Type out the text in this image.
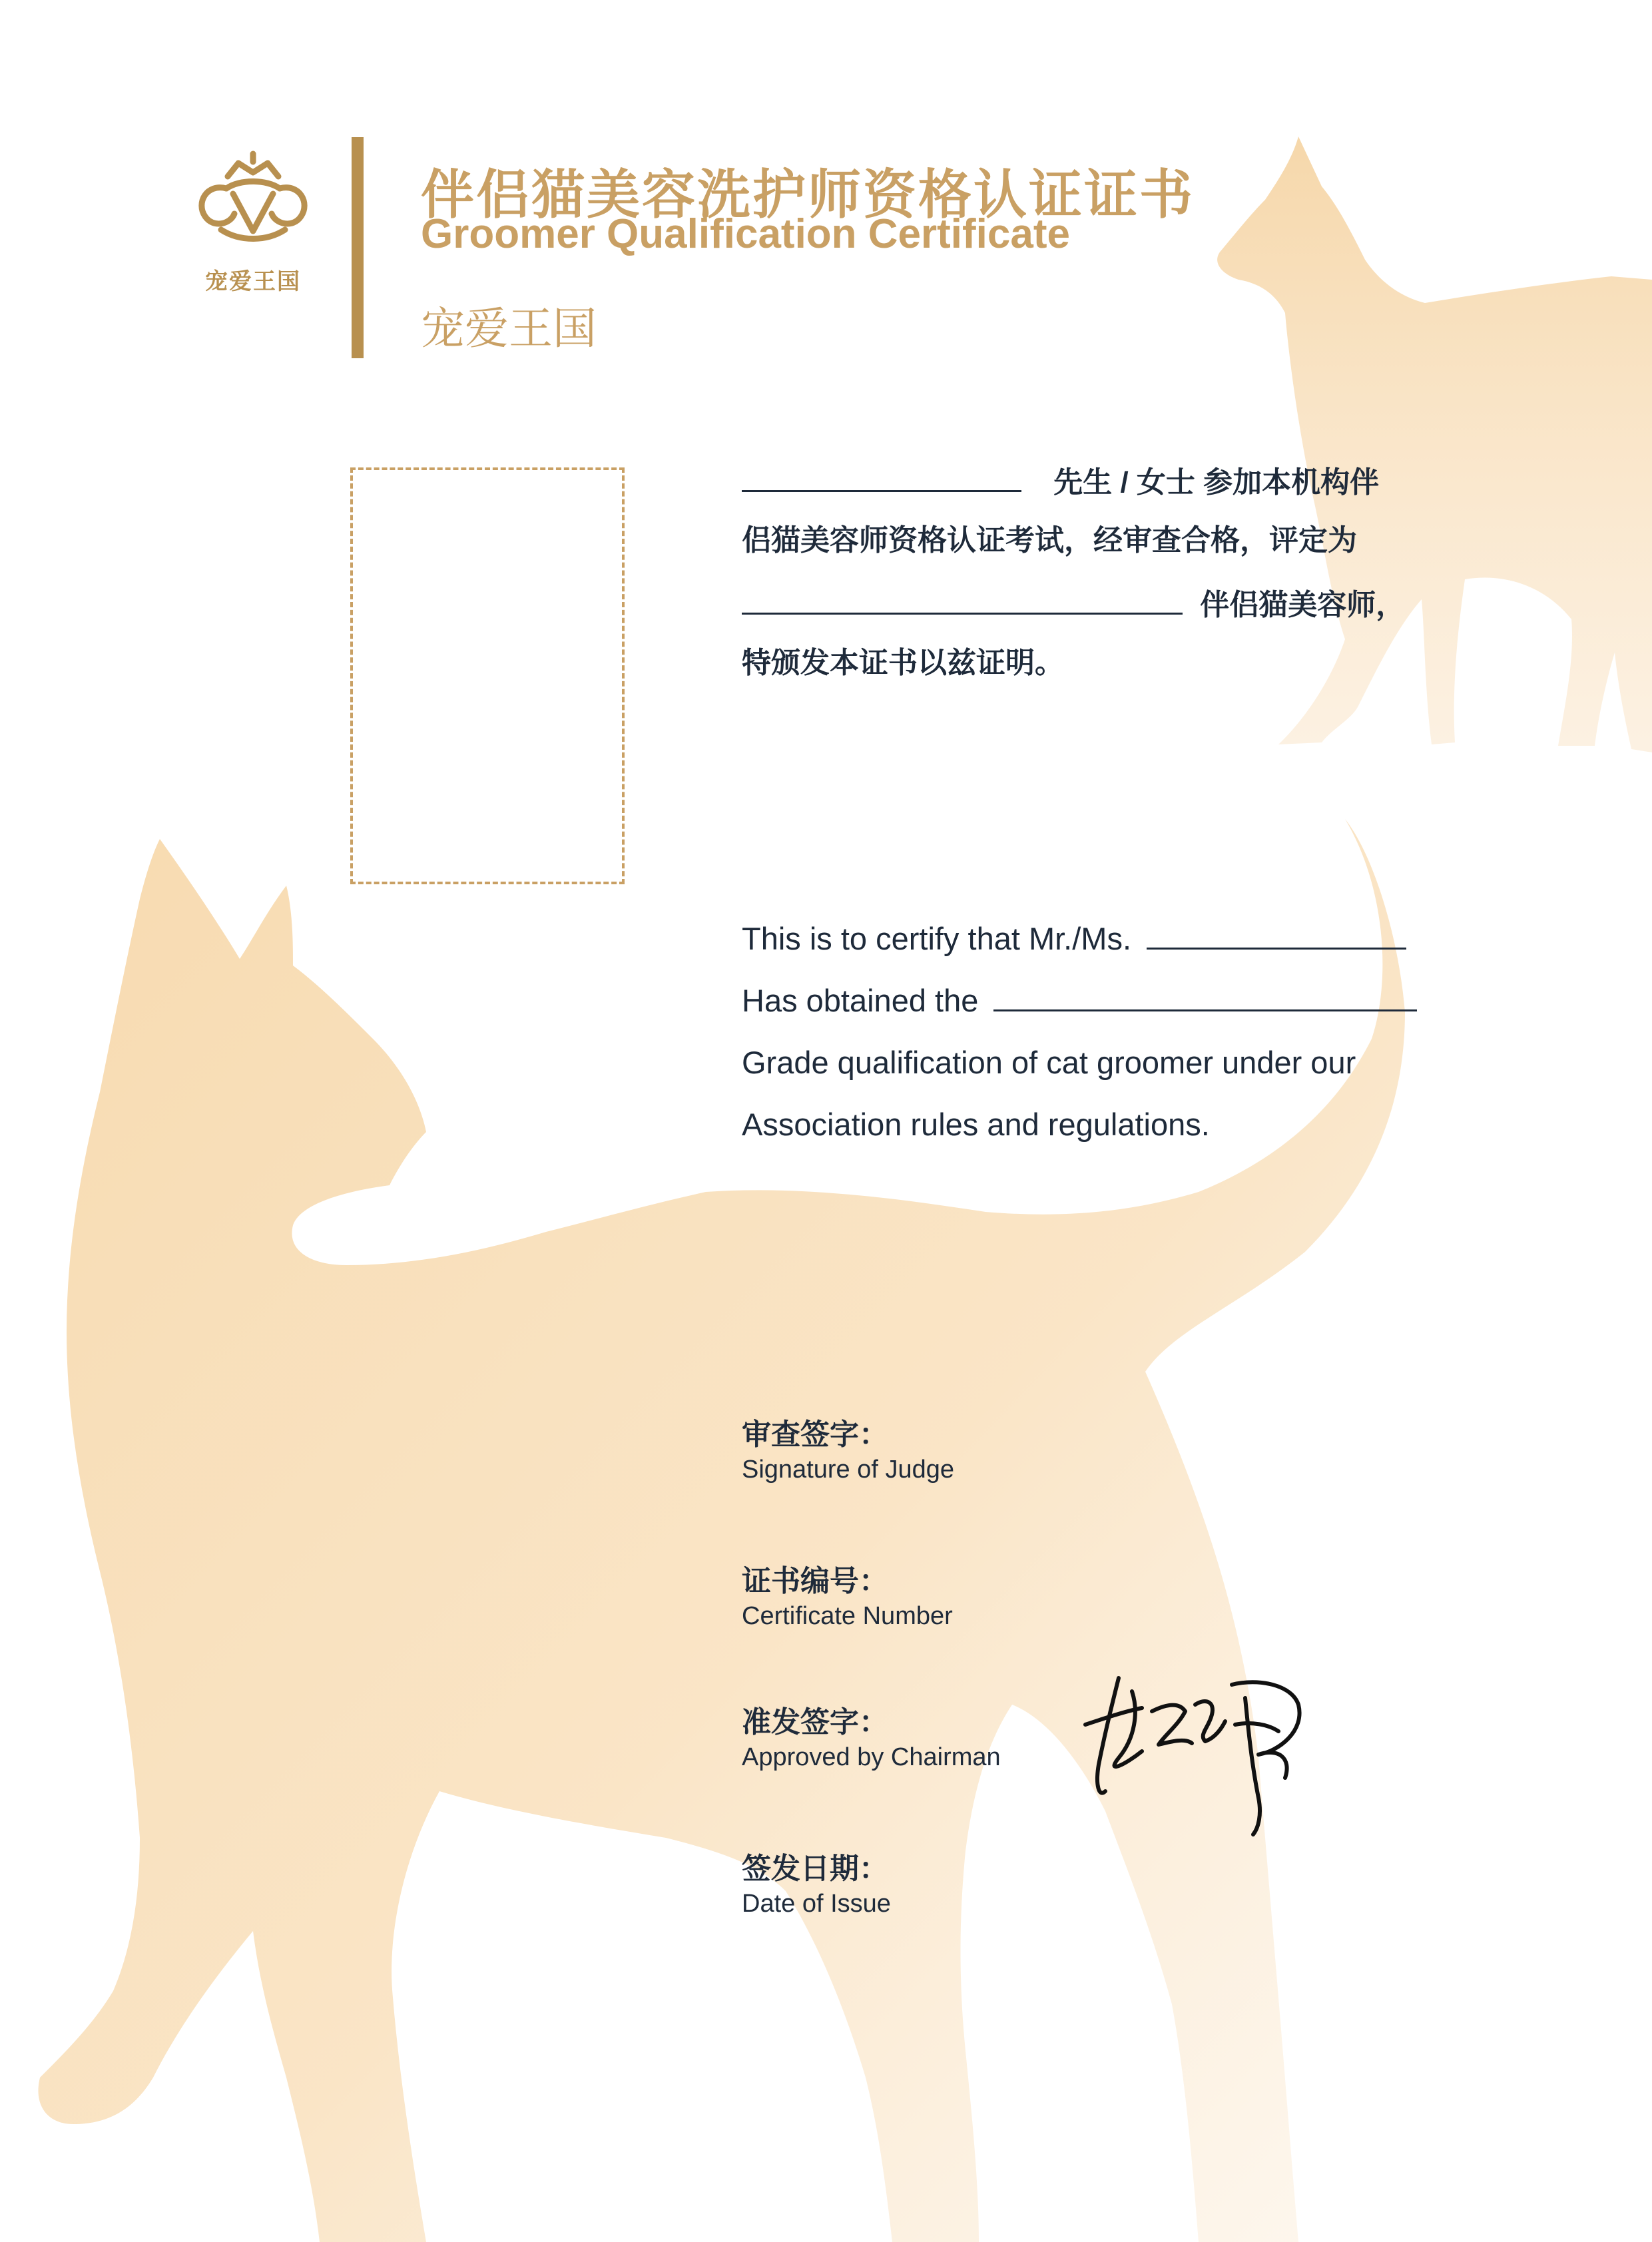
宠爱王国
伴侣猫美容洗护师资格认证证书
Groomer Qualification Certificate
宠爱王国
先生 / 女士 参加本机构伴
侣猫美容师资格认证考试，经审查合格，评定为
伴侣猫美容师，
特颁发本证书以兹证明。
This is to certify that Mr./Ms.
Has obtained the
Grade qualification of cat groomer under our
Association rules and regulations.
审查签字：
Signature of Judge
证书编号：
Certificate Number
准发签字：
Approved by Chairman
签发日期：
Date of Issue
